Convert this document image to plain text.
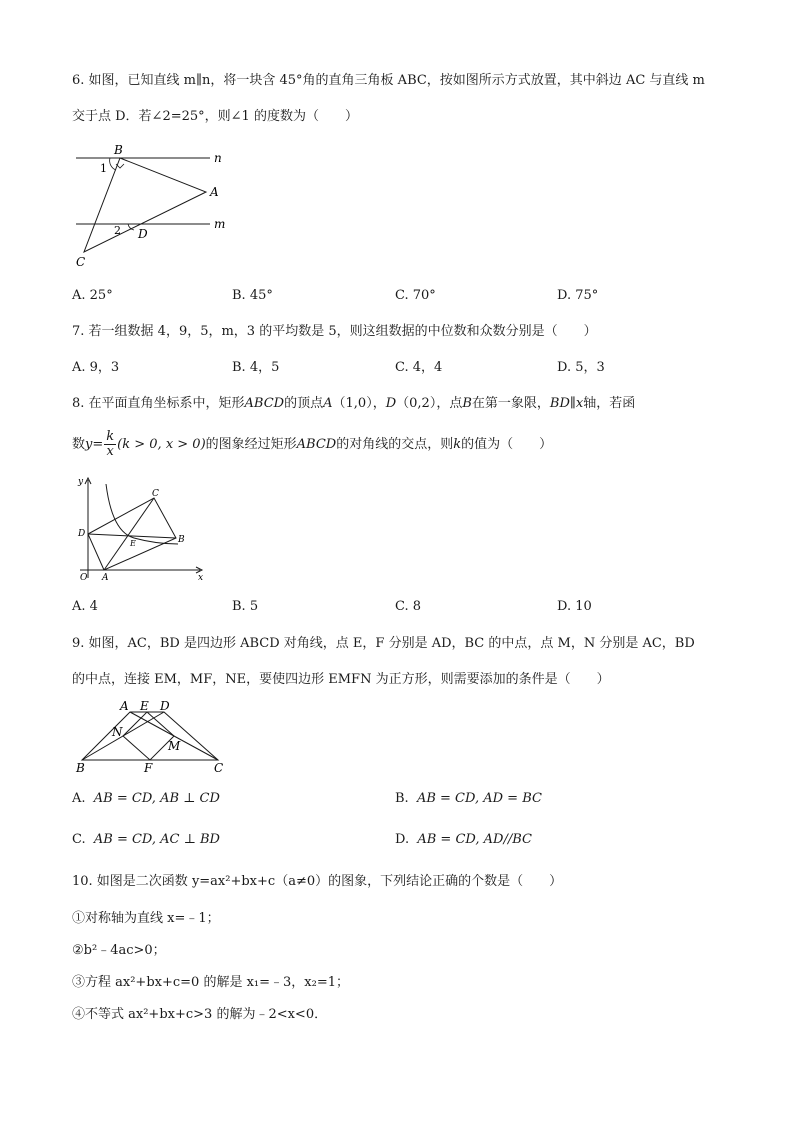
6. 如图，已知直线 m∥n，将一块含 45°角的直角三角板 ABC，按如图所示方式放置，其中斜边 AC 与直线 m
交于点 D．若∠2=25°，则∠1 的度数为（　　）
B
n
1
A
2 D
m
C
A. 25°	B. 45°	C. 70°	D. 75°
7. 若一组数据 4，9，5，m，3 的平均数是 5，则这组数据的中位数和众数分别是（　　）
A. 9，3	B. 4，5	C. 4，4	D. 5，3
8. 在平面直角坐标系中，矩形ABCD的顶点A（1,0），D（0,2），点B在第一象限，BD∥x轴，若函
数$y= \frac{k}{x} (k > 0$, x > 0)的图象经过矩形ABCD的对角线的交点，则k的值为（　　）
y
C
D
E	B
O A	x
A. 4	B. 5	C. 8	D. 10
9. 如图，AC，BD 是四边形 ABCD 对角线，点 E，F 分别是 AD，BC 的中点，点 M，N 分别是 AC，BD
的中点，连接 EM，MF，NE，要使四边形 EMFN 为正方形，则需要添加的条件是（　　）
A E D
N
M
B	F	C
A. AB = CD, AB ⊥ CD	B. AB = CD, AD = BC
C. AB = CD, AC ⊥ BD	D. AB = CD, AD//BC
10. 如图是二次函数 y=ax²+bx+c（a≠0）的图象，下列结论正确的个数是（　　）
①对称轴为直线 x=﹣1；
②b²﹣4ac>0；
③方程 ax²+bx+c=0 的解是 x₁=﹣3，x₂=1；
④不等式 ax²+bx+c>3 的解为﹣2<x<0．
